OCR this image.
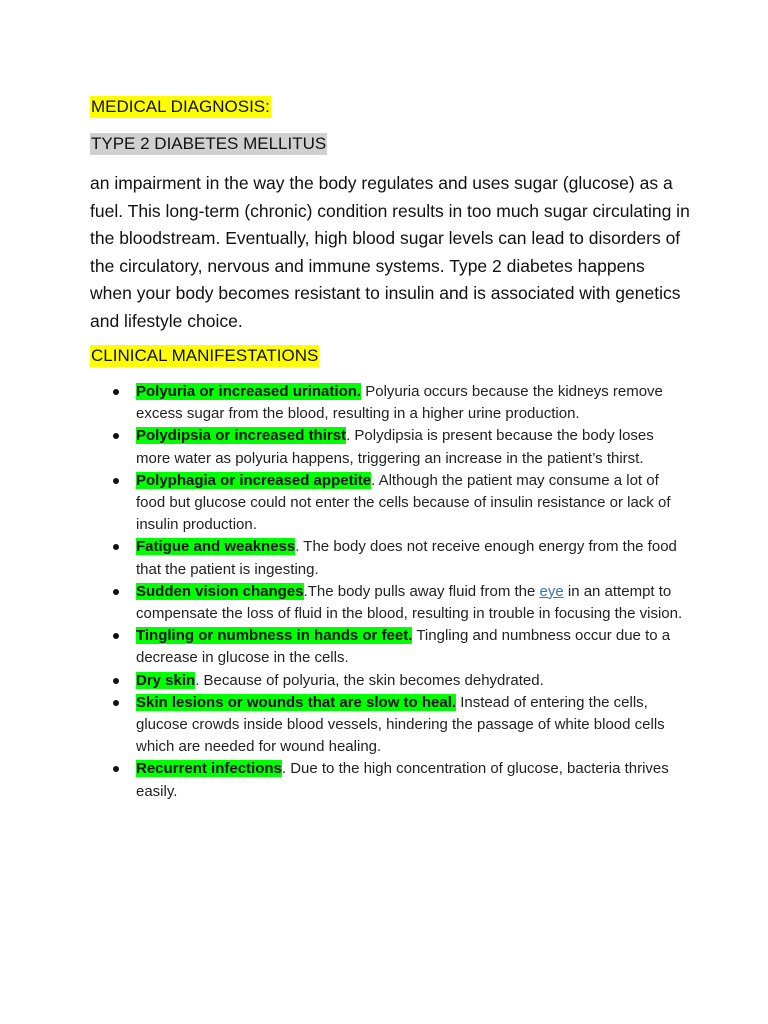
MEDICAL DIAGNOSIS:
TYPE 2 DIABETES MELLITUS
an impairment in the way the body regulates and uses sugar (glucose) as a fuel. This long-term (chronic) condition results in too much sugar circulating in the bloodstream. Eventually, high blood sugar levels can lead to disorders of the circulatory, nervous and immune systems. Type 2 diabetes happens when your body becomes resistant to insulin and is associated with genetics and lifestyle choice.
CLINICAL MANIFESTATIONS
Polyuria or increased urination. Polyuria occurs because the kidneys remove excess sugar from the blood, resulting in a higher urine production.
Polydipsia or increased thirst. Polydipsia is present because the body loses more water as polyuria happens, triggering an increase in the patient’s thirst.
Polyphagia or increased appetite. Although the patient may consume a lot of food but glucose could not enter the cells because of insulin resistance or lack of insulin production.
Fatigue and weakness. The body does not receive enough energy from the food that the patient is ingesting.
Sudden vision changes.The body pulls away fluid from the eye in an attempt to compensate the loss of fluid in the blood, resulting in trouble in focusing the vision.
Tingling or numbness in hands or feet. Tingling and numbness occur due to a decrease in glucose in the cells.
Dry skin. Because of polyuria, the skin becomes dehydrated.
Skin lesions or wounds that are slow to heal. Instead of entering the cells, glucose crowds inside blood vessels, hindering the passage of white blood cells which are needed for wound healing.
Recurrent infections. Due to the high concentration of glucose, bacteria thrives easily.
